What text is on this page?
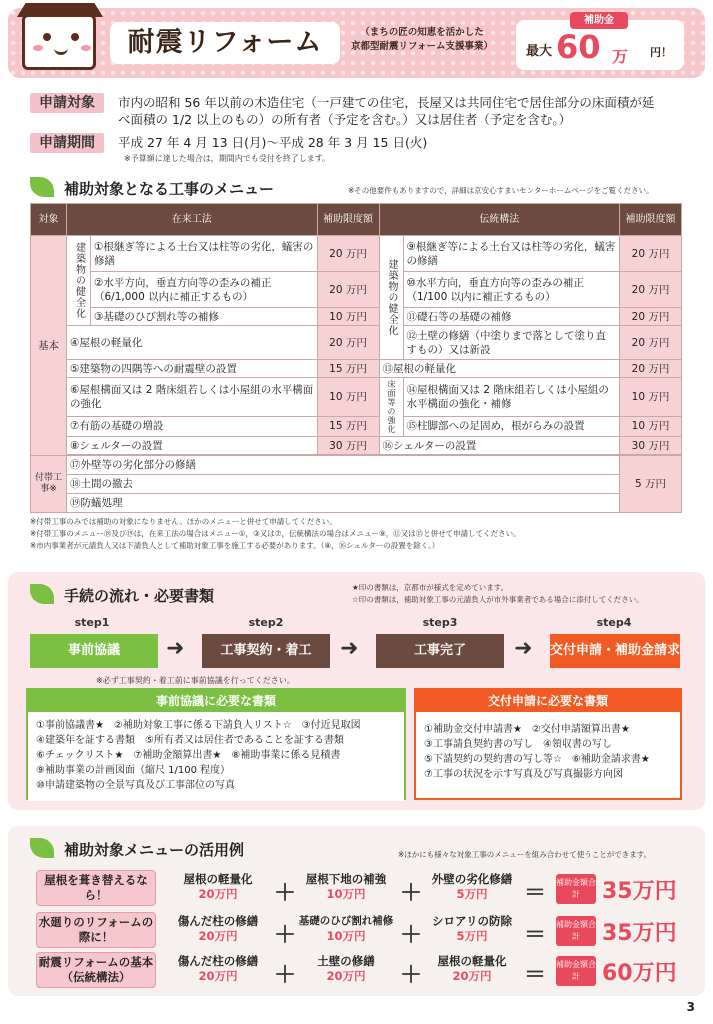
耐震リフォーム	（まちの匠の知恵を活かした
京都型耐震リフォーム支援事業）
補助金
最大 60 万 円！
申請対象	市内の昭和 56 年以前の木造住宅（一戸建ての住宅，長屋又は共同住宅で居住部分の床面積が延
べ面積の 1/2 以上のもの）の所有者（予定を含む。）又は居住者（予定を含む。）
申請期間	平成 27 年 4 月 13 日(月)～平成 28 年 3 月 15 日(火)
※予算額に達した場合は，期間内でも受付を終了します。
補助対象となる工事のメニュー	※その他要件もありますので，詳細は京安心すまいセンターホームページをご覧ください。
対象	在来工法		補助限度額	伝統構法		補助限度額
基本	建築物の健全化	①根継ぎ等による土台又は柱等の劣化，蟻害の修繕	20 万円	建築物の健全化	⑨根継ぎ等による土台又は柱等の劣化，蟻害の修繕	20 万円
		②水平方向，垂直方向等の歪みの補正（6/1,000 以内に補正するもの）	20 万円		⑩水平方向，垂直方向等の歪みの補正（1/100 以内に補正するもの）	20 万円
		③基礎のひび割れ等の補修	10 万円		⑪礎石等の基礎の補修	20 万円
	④屋根の軽量化		20 万円		⑫土壁の修繕（中塗りまで落として塗り直すもの）又は新設	20 万円
	⑤建築物の四隅等への耐震壁の設置		15 万円	⑬屋根の軽量化		20 万円
	⑥屋根構面又は 2 階床組若しくは小屋組の水平構面の強化		10 万円	床面等の強化	⑭屋根構面又は 2 階床組若しくは小屋組の水平構面の強化・補修	10 万円
	⑦有筋の基礎の増設		15 万円		⑮柱脚部への足固め，根がらみの設置	10 万円
	⑧シェルターの設置		30 万円	⑯シェルターの設置		30 万円

付帯工事※	⑰外壁等の劣化部分の修繕					5 万円
	⑱土間の撤去					
	⑲防蟻処理					
※付帯工事のみでは補助の対象になりません。ほかのメニューと併せて申請してください。
※付帯工事のメニュー⑱及び⑲は，在来工法の場合はメニュー①，③又は⑦，伝統構法の場合はメニュー⑨，⑪又は⑮と併せて申請してください。
※市内事業者が元請負人又は下請負人として補助対象工事を施工する必要があります。（⑧，⑯シェルターの設置を除く。）
手続の流れ・必要書類	★印の書類は，京都市が様式を定めています。
☆印の書類は，補助対象工事の元請負人が市外事業者である場合に添付してください。
step1	step2	step3	step4
事前協議	➜	工事契約・着工	➜	工事完了	➜ 交付申請・補助金請求
※必ず工事契約・着工前に事前協議を行ってください。
事前協議に必要な書類
①事前協議書★　②補助対象工事に係る下請負人リスト☆　③付近見取図
④建築年を証する書類　⑤所有者又は居住者であることを証する書類
⑥チェックリスト★　⑦補助金額算出書★　⑧補助事業に係る見積書
⑨補助事業の計画図面（縮尺 1/100 程度）
⑩申請建築物の全景写真及び工事部位の写真
交付申請に必要な書類
①補助金交付申請書★　②交付申請額算出書★
③工事請負契約書の写し　④領収書の写し
⑤下請契約の契約書の写し等☆　⑥補助金請求書★
⑦工事の状況を示す写真及び写真撮影方向図
補助対象メニューの活用例	※ほかにも様々な対象工事のメニューを組み合わせて使うことができます。
屋根を葺き替えるなら！
屋根の軽量化
20万円	＋
屋根下地の補強
10万円	＋
外壁の劣化修繕
5万円	＝ 補助金額合計	35万円
水廻りのリフォームの際に！
傷んだ柱の修繕
20万円	＋
基礎のひび割れ補修
10万円	＋
シロアリの防除
5万円	＝ 補助金額合計	35万円
耐震リフォームの基本（伝統構法）
傷んだ柱の修繕
20万円	＋
土壁の修繕
20万円	＋
屋根の軽量化
20万円	＝ 補助金額合計	60万円
3
